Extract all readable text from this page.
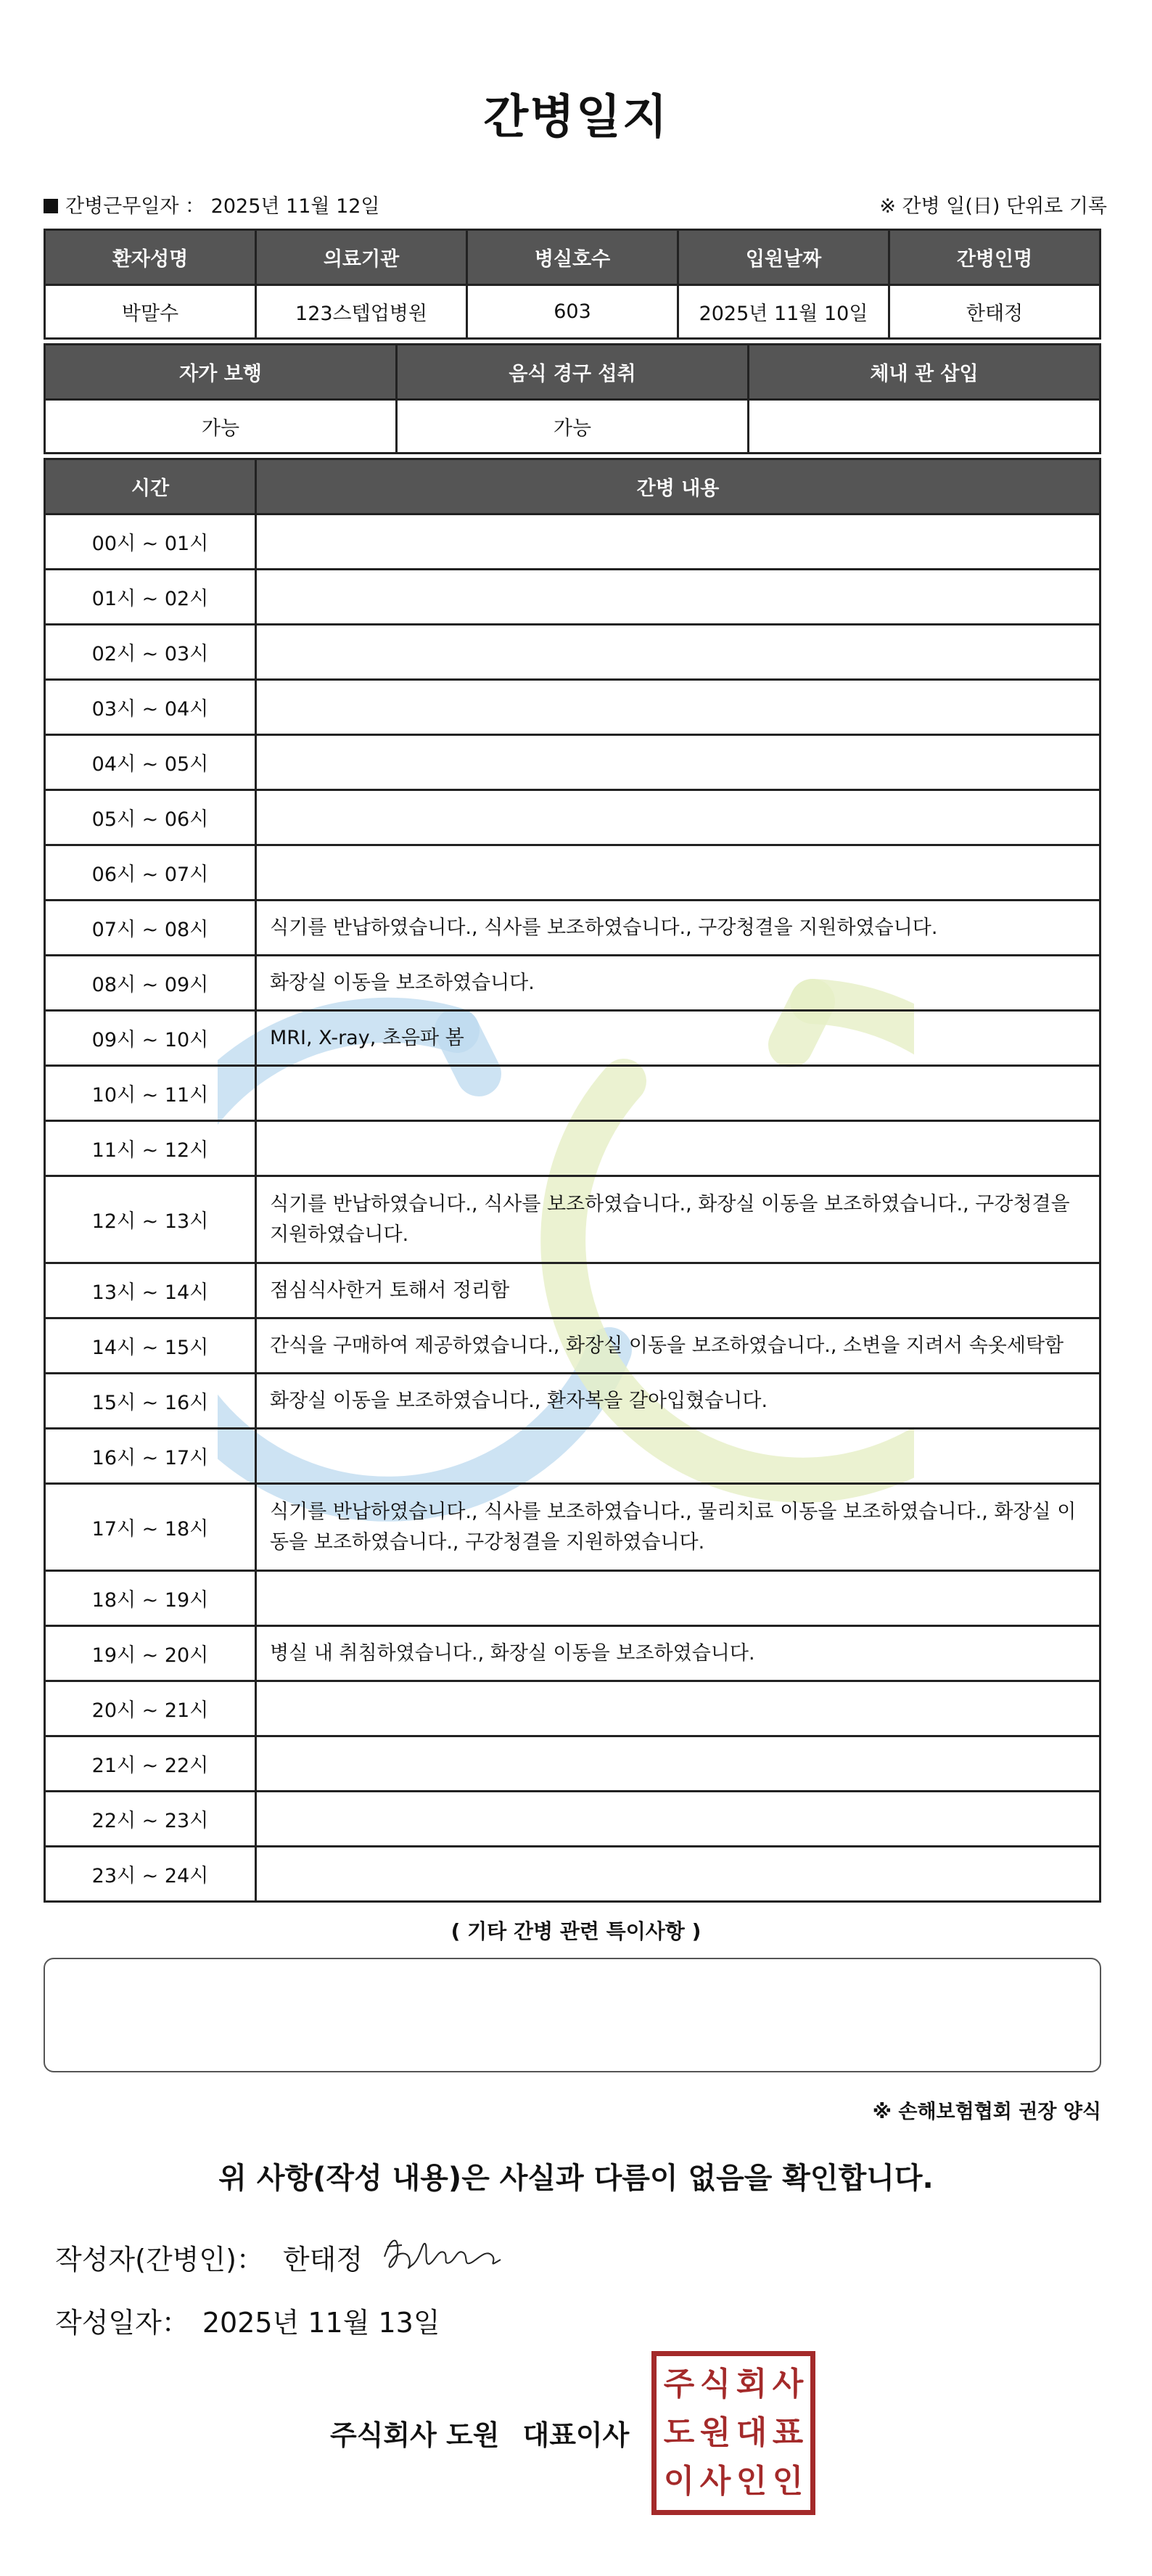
간병일지
간병근무일자 ： 2025년 11월 12일	※ 간병 일(日) 단위로 기록
환자성명	의료기관	병실호수	입원날짜	간병인명
박말수	123스텝업병원	603	2025년 11월 10일	한태정
자가 보행	음식 경구 섭취	체내 관 삽입
가능	가능	
시간	간병 내용
00시 ~ 01시	
01시 ~ 02시	
02시 ~ 03시	
03시 ~ 04시	
04시 ~ 05시	
05시 ~ 06시	
06시 ~ 07시	
07시 ~ 08시	식기를 반납하였습니다., 식사를 보조하였습니다., 구강청결을 지원하였습니다.
08시 ~ 09시	화장실 이동을 보조하였습니다.
09시 ~ 10시	MRI, X-ray, 초음파 봄
10시 ~ 11시	
11시 ~ 12시	
12시 ~ 13시	식기를 반납하였습니다., 식사를 보조하였습니다., 화장실 이동을 보조하였습니다., 구강청결을 지원하였습니다.
13시 ~ 14시	점심식사한거 토해서 정리함
14시 ~ 15시	간식을 구매하여 제공하였습니다., 화장실 이동을 보조하였습니다., 소변을 지려서 속옷세탁함
15시 ~ 16시	화장실 이동을 보조하였습니다., 환자복을 갈아입혔습니다.
16시 ~ 17시	
17시 ~ 18시	식기를 반납하였습니다., 식사를 보조하였습니다., 물리치료 이동을 보조하였습니다., 화장실 이동을 보조하였습니다., 구강청결을 지원하였습니다.
18시 ~ 19시	
19시 ~ 20시	병실 내 취침하였습니다., 화장실 이동을 보조하였습니다.
20시 ~ 21시	
21시 ~ 22시	
22시 ~ 23시	
23시 ~ 24시	
( 기타 간병 관련 특이사항 )
※ 손해보험협회 권장 양식
위 사항(작성 내용)은 사실과 다름이 없음을 확인합니다.
작성자(간병인)： 한태정
작성일자： 2025년 11월 13일
주식회사 도원 대표이사
주 식 회 사
도 원 대 표
이 사 인 인
